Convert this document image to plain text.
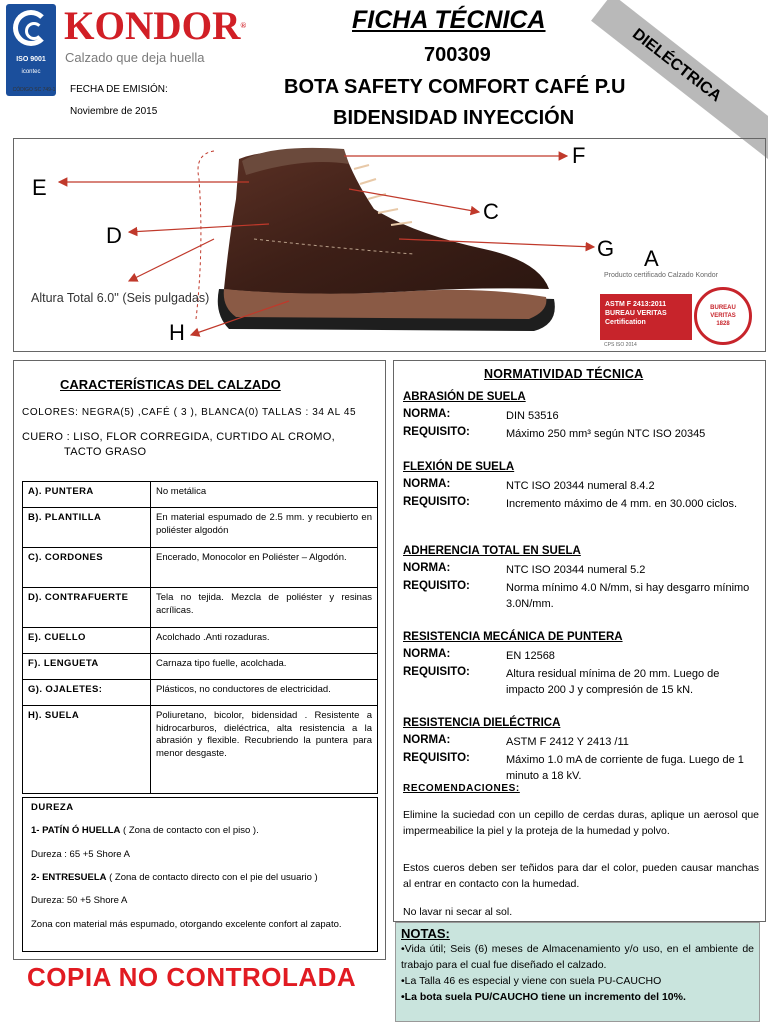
ISO 9001
icontec
CÓDIGO SC 749-1
KONDOR®
Calzado que deja huella
FECHA DE EMISIÓN:
Noviembre de 2015
FICHA TÉCNICA
700309
BOTA SAFETY COMFORT CAFÉ P.U
BIDENSIDAD INYECCIÓN
DIELÉCTRICA
F
E
C
D
G A
H
Altura Total 6.0'' (Seis pulgadas)
Producto certificado Calzado Kondor
ASTM F 2413:2011
BUREAU VERITAS
Certification
BUREAU
VERITAS
1828
CPS ISO 2014
CARACTERÍSTICAS DEL CALZADO
COLORES: NEGRA(5) ,CAFÉ ( 3 ), BLANCA(0) TALLAS : 34 AL 45
CUERO : LISO, FLOR CORREGIDA, CURTIDO AL CROMO,
TACTO GRASO
A). PUNTERA	No metálica
B). PLANTILLA	En material espumado de 2.5 mm. y recubierto en poliéster algodón
C). CORDONES	Encerado, Monocolor en Poliéster – Algodón.
D). CONTRAFUERTE	Tela no tejida. Mezcla de poliéster y resinas acrílicas.
E). CUELLO	Acolchado .Anti rozaduras.
F). LENGUETA	Carnaza tipo fuelle, acolchada.
G). OJALETES:	Plásticos, no conductores de electricidad.
H). SUELA	Poliuretano, bicolor, bidensidad . Resistente a hidrocarburos, dieléctrica, alta resistencia a la abrasión y flexible. Recubriendo la puntera para menor desgaste.
DUREZA
1- PATÍN Ó HUELLA ( Zona de contacto con el piso ).
Dureza : 65 +5 Shore A
2- ENTRESUELA ( Zona de contacto directo con el pie del usuario )
Dureza: 50 +5 Shore A
Zona con material más espumado, otorgando excelente confort al zapato.
COPIA NO CONTROLADA
NORMATIVIDAD TÉCNICA
ABRASIÓN DE SUELA
NORMA:	DIN 53516
REQUISITO:	Máximo 250 mm³ según NTC ISO 20345
FLEXIÓN DE SUELA
NORMA:	NTC ISO 20344 numeral 8.4.2
REQUISITO:	Incremento máximo de 4 mm. en 30.000 ciclos.
ADHERENCIA TOTAL EN SUELA
NORMA:	NTC ISO 20344 numeral 5.2
REQUISITO:	Norma mínimo 4.0 N/mm, si hay desgarro mínimo 3.0N/mm.
RESISTENCIA MECÁNICA DE PUNTERA
NORMA:	EN 12568
REQUISITO:	Altura residual mínima de 20 mm. Luego de impacto 200 J y compresión de 15 kN.
RESISTENCIA DIELÉCTRICA
NORMA:	ASTM F 2412 Y 2413 /11
REQUISITO:	Máximo 1.0 mA de corriente de fuga. Luego de 1 minuto a 18 kV.
RECOMENDACIONES:
Elimine la suciedad con un cepillo de cerdas duras, aplique un aerosol que impermeabilice la piel y la proteja de la humedad y polvo.
Estos cueros deben ser teñidos para dar el color, pueden causar manchas al entrar en contacto con la humedad.
No lavar ni secar al sol.
NOTAS:
•Vida útil; Seis (6) meses de Almacenamiento y/o uso, en el ambiente de trabajo para el cual fue diseñado el calzado.
•La Talla 46 es especial y viene con suela PU-CAUCHO
•La bota suela PU/CAUCHO tiene un incremento del 10%.
